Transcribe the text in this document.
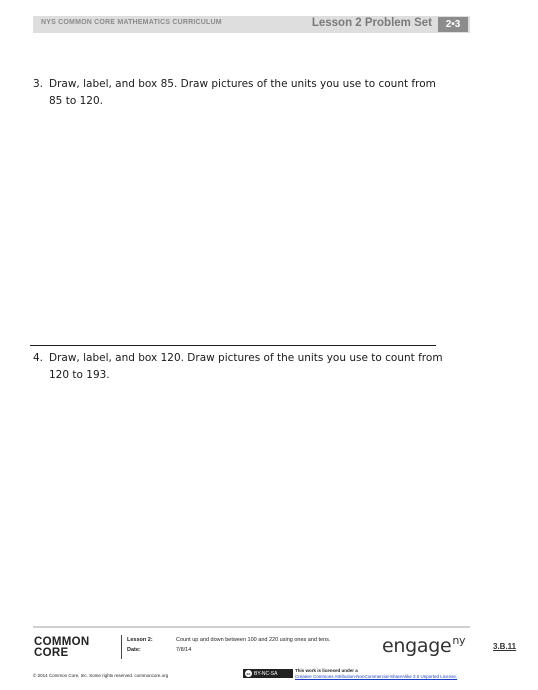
NYS COMMON CORE MATHEMATICS CURRICULUM	Lesson 2 Problem Set	2•3
3. Draw, label, and box 85. Draw pictures of the units you use to count from 85 to 120.
4. Draw, label, and box 120. Draw pictures of the units you use to count from 120 to 193.
COMMON
CORE
Lesson 2:
Date:
Count up and down between 100 and 220 using ones and tens.
7/8/14	engage$^{ny}$	3.B.11
© 2014 Common Core, Inc. Some rights reserved. commoncore.org	cc BY-NC-SA	This work is licensed under a
Creative Commons Attribution-NonCommercial-ShareAlike 3.0 Unported License.
